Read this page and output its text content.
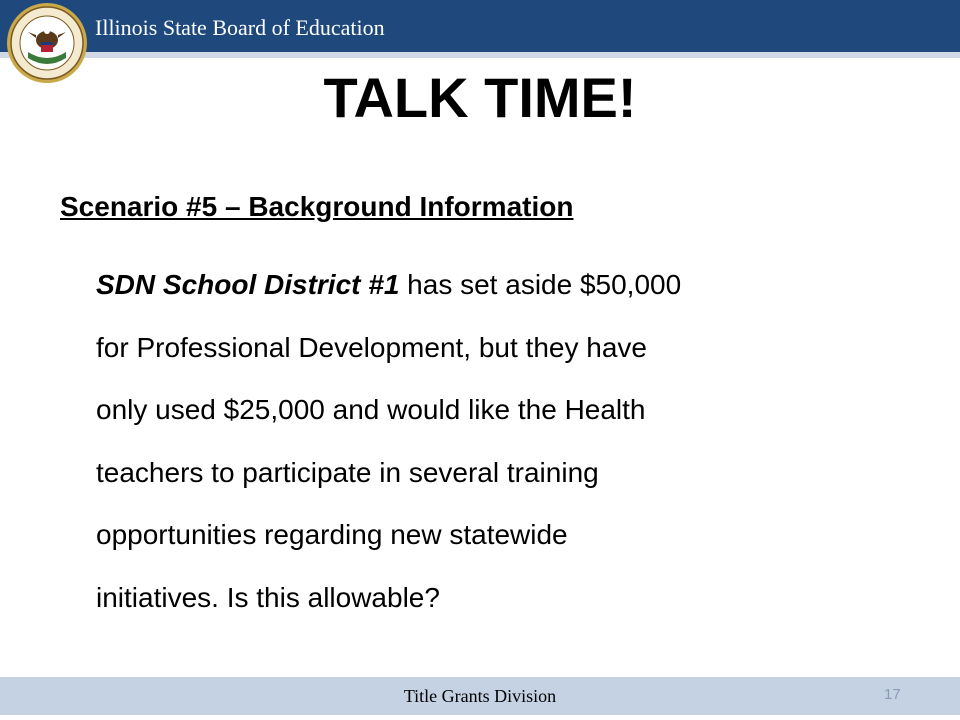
Illinois State Board of Education
TALK TIME!
Scenario #5 – Background Information
SDN School District #1 has set aside $50,000
for Professional Development, but they have
only used $25,000 and would like the Health
teachers to participate in several training
opportunities regarding new statewide
initiatives. Is this allowable?
Title Grants Division	17
